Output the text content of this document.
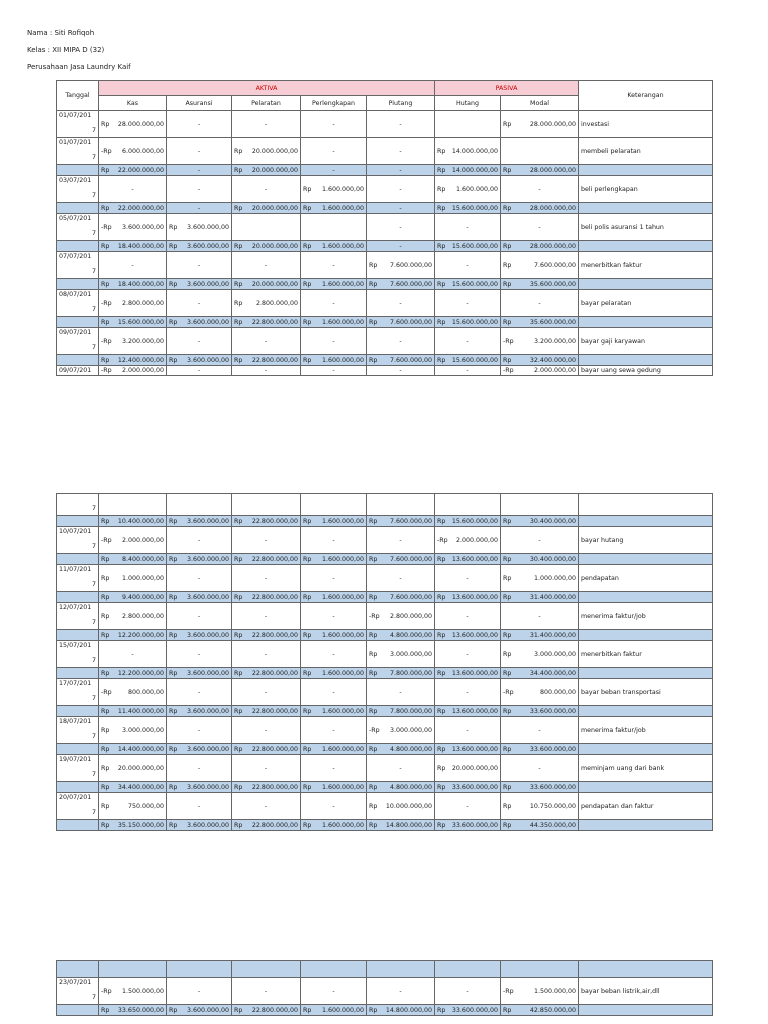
Nama : Siti Rofiqoh
Kelas : XII MIPA D (32)
Perusahaan Jasa Laundry Kaif
Tanggal	AKTIVA					PASIVA		Keterangan
	Kas	Asuransi	Pelaratan	Perlengkapan	Piutang	Hutang	Modal	

01/07/201
7	Rp 28.000.000,00	-	-	-	-		Rp 28.000.000,00	investasi

01/07/201
7	-Rp 6.000.000,00	-	Rp 20.000.000,00	-	-	Rp 14.000.000,00		membeli pelaratan

	Rp 22.000.000,00	-	Rp 20.000.000,00	-	-	Rp 14.000.000,00	Rp 28.000.000,00	

03/07/201
7	-	-	-	Rp 1.600.000,00	-	Rp 1.600.000,00	-	beli perlengkapan

	Rp 22.000.000,00	-	Rp 20.000.000,00	Rp 1.600.000,00	-	Rp 15.600.000,00	Rp 28.000.000,00	

05/07/201
7	-Rp 3.600.000,00	Rp 3.600.000,00			-	-	-	beli polis asuransi 1 tahun

	Rp 18.400.000,00	Rp 3.600.000,00	Rp 20.000.000,00	Rp 1.600.000,00	-	Rp 15.600.000,00	Rp 28.000.000,00	

07/07/201
7	-	-	-	-	Rp 7.600.000,00	-	Rp 7.600.000,00	menerbitkan faktur

	Rp 18.400.000,00	Rp 3.600.000,00	Rp 20.000.000,00	Rp 1.600.000,00	Rp 7.600.000,00	Rp 15.600.000,00	Rp 35.600.000,00	

08/07/201
7	-Rp 2.800.000,00	-	Rp 2.800.000,00	-	-	-	-	bayar pelaratan

	Rp 15.600.000,00	Rp 3.600.000,00	Rp 22.800.000,00	Rp 1.600.000,00	Rp 7.600.000,00	Rp 15.600.000,00	Rp 35.600.000,00	

09/07/201
7	-Rp 3.200.000,00	-	-	-	-	-	-Rp 3.200.000,00	bayar gaji karyawan

	Rp 12.400.000,00	Rp 3.600.000,00	Rp 22.800.000,00	Rp 1.600.000,00	Rp 7.600.000,00	Rp 15.600.000,00	Rp 32.400.000,00	

09/07/201	-Rp 2.000.000,00	-	-	-	-	-	-Rp 2.000.000,00	bayar uang sewa gedung
7								

	Rp 10.400.000,00	Rp 3.600.000,00	Rp 22.800.000,00	Rp 1.600.000,00	Rp 7.600.000,00	Rp 15.600.000,00	Rp 30.400.000,00	

10/07/201
7	-Rp 2.000.000,00	-	-	-	-	-Rp 2.000.000,00	-	bayar hutang

	Rp 8.400.000,00	Rp 3.600.000,00	Rp 22.800.000,00	Rp 1.600.000,00	Rp 7.600.000,00	Rp 13.600.000,00	Rp 30.400.000,00	

11/07/201
7	Rp 1.000.000,00	-	-	-	-	-	Rp 1.000.000,00	pendapatan

	Rp 9.400.000,00	Rp 3.600.000,00	Rp 22.800.000,00	Rp 1.600.000,00	Rp 7.600.000,00	Rp 13.600.000,00	Rp 31.400.000,00	

12/07/201
7	Rp 2.800.000,00	-	-	-	-Rp 2.800.000,00	-	-	menerima faktur/job

	Rp 12.200.000,00	Rp 3.600.000,00	Rp 22.800.000,00	Rp 1.600.000,00	Rp 4.800.000,00	Rp 13.600.000,00	Rp 31.400.000,00	

15/07/201
7	-	-	-	-	Rp 3.000.000,00	-	Rp 3.000.000,00	menerbitkan faktur

	Rp 12.200.000,00	Rp 3.600.000,00	Rp 22.800.000,00	Rp 1.600.000,00	Rp 7.800.000,00	Rp 13.600.000,00	Rp 34.400.000,00	

17/07/201
7	-Rp 800.000,00	-	-	-	-	-	-Rp 800.000,00	bayar beban transportasi

	Rp 11.400.000,00	Rp 3.600.000,00	Rp 22.800.000,00	Rp 1.600.000,00	Rp 7.800.000,00	Rp 13.600.000,00	Rp 33.600.000,00	

18/07/201
7	Rp 3.000.000,00	-	-	-	-Rp 3.000.000,00	-	-	menerima faktur/job

	Rp 14.400.000,00	Rp 3.600.000,00	Rp 22.800.000,00	Rp 1.600.000,00	Rp 4.800.000,00	Rp 13.600.000,00	Rp 33.600.000,00	

19/07/201
7	Rp 20.000.000,00	-	-	-	-	Rp 20.000.000,00	-	meminjam uang dari bank

	Rp 34.400.000,00	Rp 3.600.000,00	Rp 22.800.000,00	Rp 1.600.000,00	Rp 4.800.000,00	Rp 33.600.000,00	Rp 33.600.000,00	

20/07/201
7	Rp 750.000,00	-	-	-	Rp 10.000.000,00	-	Rp 10.750.000,00	pendapatan dan faktur

	Rp 35.150.000,00	Rp 3.600.000,00	Rp 22.800.000,00	Rp 1.600.000,00	Rp 14.800.000,00	Rp 33.600.000,00	Rp 44.350.000,00	

23/07/201
7	-Rp 1.500.000,00	-	-	-	-	-	-Rp 1.500.000,00	bayar beban listrik,air,dll

	Rp 33.650.000,00	Rp 3.600.000,00	Rp 22.800.000,00	Rp 1.600.000,00	Rp 14.800.000,00	Rp 33.600.000,00	Rp 42.850.000,00	
